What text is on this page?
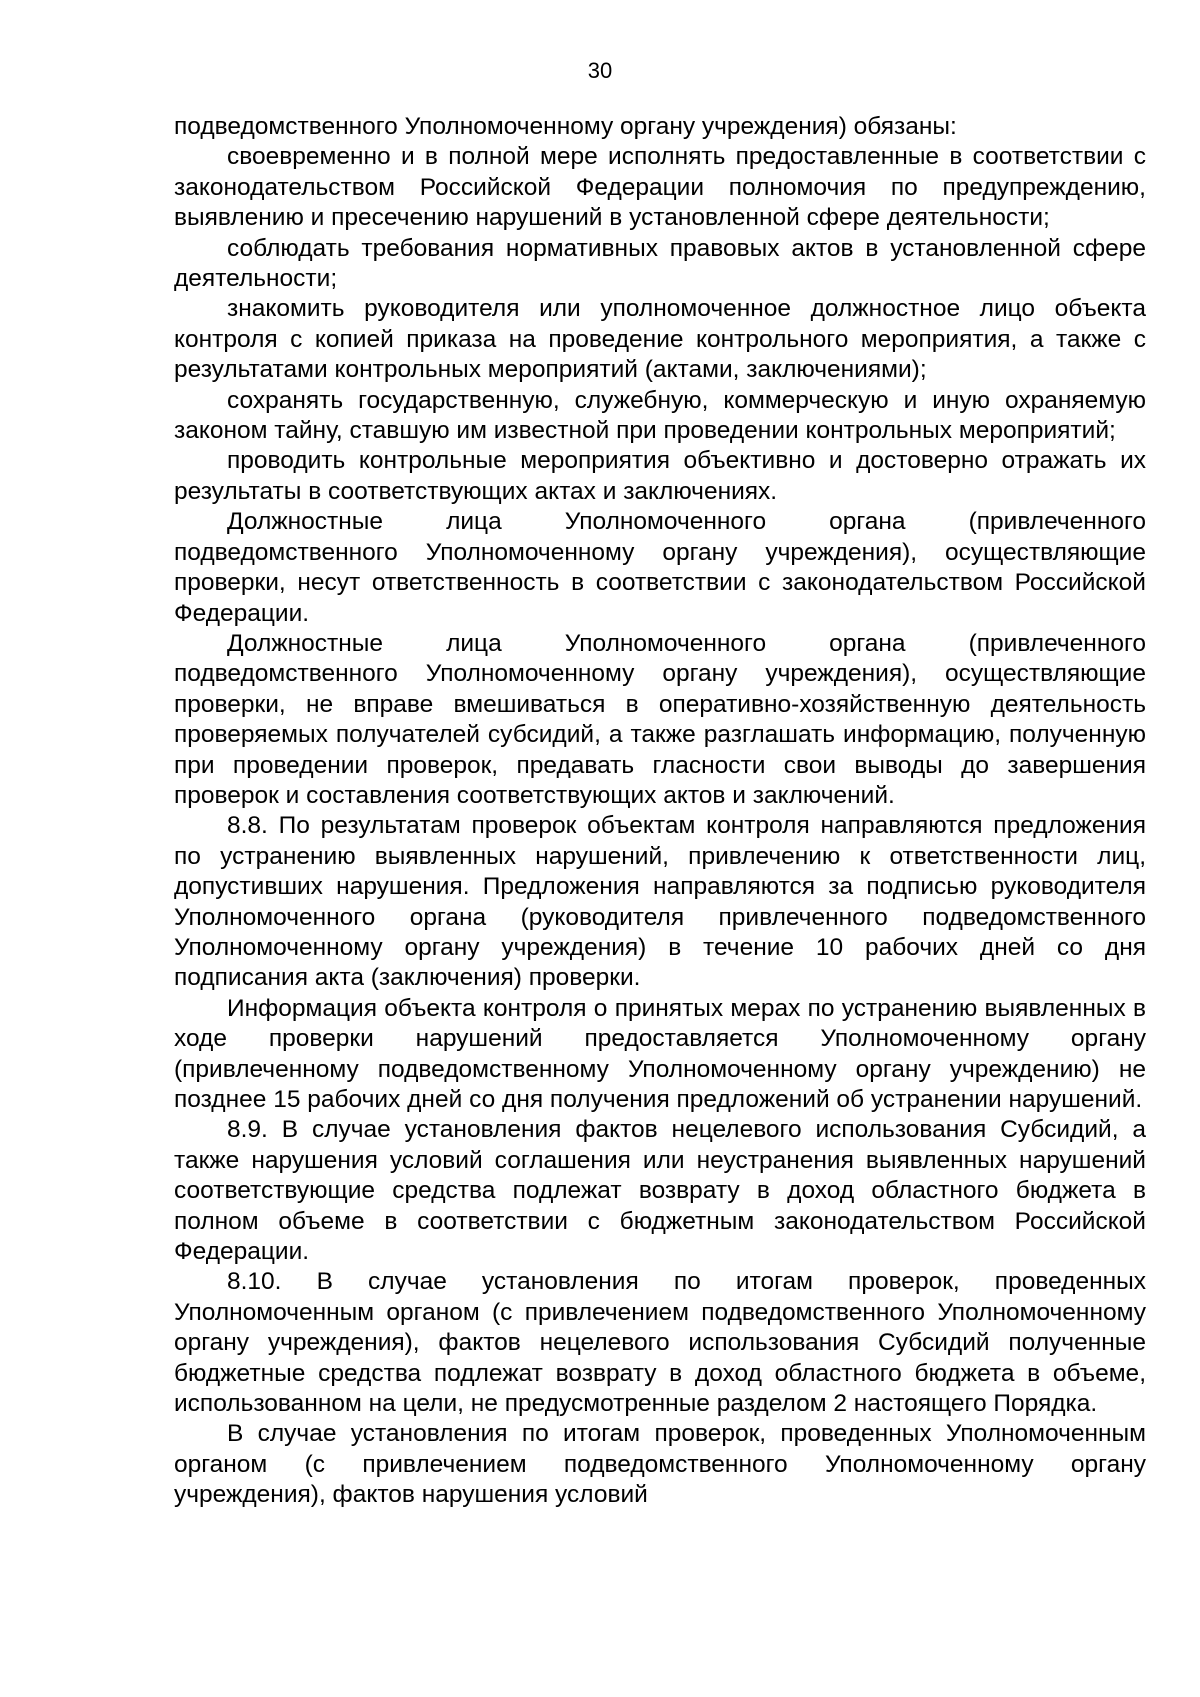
30

подведомственного Уполномоченному органу учреждения) обязаны:

своевременно и в полной мере исполнять предоставленные в соответствии с законодательством Российской Федерации полномочия по предупреждению, выявлению и пресечению нарушений в установленной сфере деятельности;

соблюдать требования нормативных правовых актов в установленной сфере деятельности;

знакомить руководителя или уполномоченное должностное лицо объекта контроля с копией приказа на проведение контрольного мероприятия, а также с результатами контрольных мероприятий (актами, заключениями);

сохранять государственную, служебную, коммерческую и иную охраняемую законом тайну, ставшую им известной при проведении контрольных мероприятий;

проводить контрольные мероприятия объективно и достоверно отражать их результаты в соответствующих актах и заключениях.

Должностные лица Уполномоченного органа (привлеченного подведомственного Уполномоченному органу учреждения), осуществляющие проверки, несут ответственность в соответствии с законодательством Российской Федерации.

Должностные лица Уполномоченного органа (привлеченного подведомственного Уполномоченному органу учреждения), осуществляющие проверки, не вправе вмешиваться в оперативно-хозяйственную деятельность проверяемых получателей субсидий, а также разглашать информацию, полученную при проведении проверок, предавать гласности свои выводы до завершения проверок и составления соответствующих актов и заключений.

8.8. По результатам проверок объектам контроля направляются предложения по устранению выявленных нарушений, привлечению к ответственности лиц, допустивших нарушения. Предложения направляются за подписью руководителя Уполномоченного органа (руководителя привлеченного подведомственного Уполномоченному органу учреждения) в течение 10 рабочих дней со дня подписания акта (заключения) проверки.

Информация объекта контроля о принятых мерах по устранению выявленных в ходе проверки нарушений предоставляется Уполномоченному органу (привлеченному подведомственному Уполномоченному органу учреждению) не позднее 15 рабочих дней со дня получения предложений об устранении нарушений.

8.9. В случае установления фактов нецелевого использования Субсидий, а также нарушения условий соглашения или неустранения выявленных нарушений соответствующие средства подлежат возврату в доход областного бюджета в полном объеме в соответствии с бюджетным законодательством Российской Федерации.

8.10. В случае установления по итогам проверок, проведенных Уполномоченным органом (с привлечением подведомственного Уполномоченному органу учреждения), фактов нецелевого использования Субсидий полученные бюджетные средства подлежат возврату в доход областного бюджета в объеме, использованном на цели, не предусмотренные разделом 2 настоящего Порядка.

В случае установления по итогам проверок, проведенных Уполномоченным органом (с привлечением подведомственного Уполномоченному органу учреждения), фактов нарушения условий
